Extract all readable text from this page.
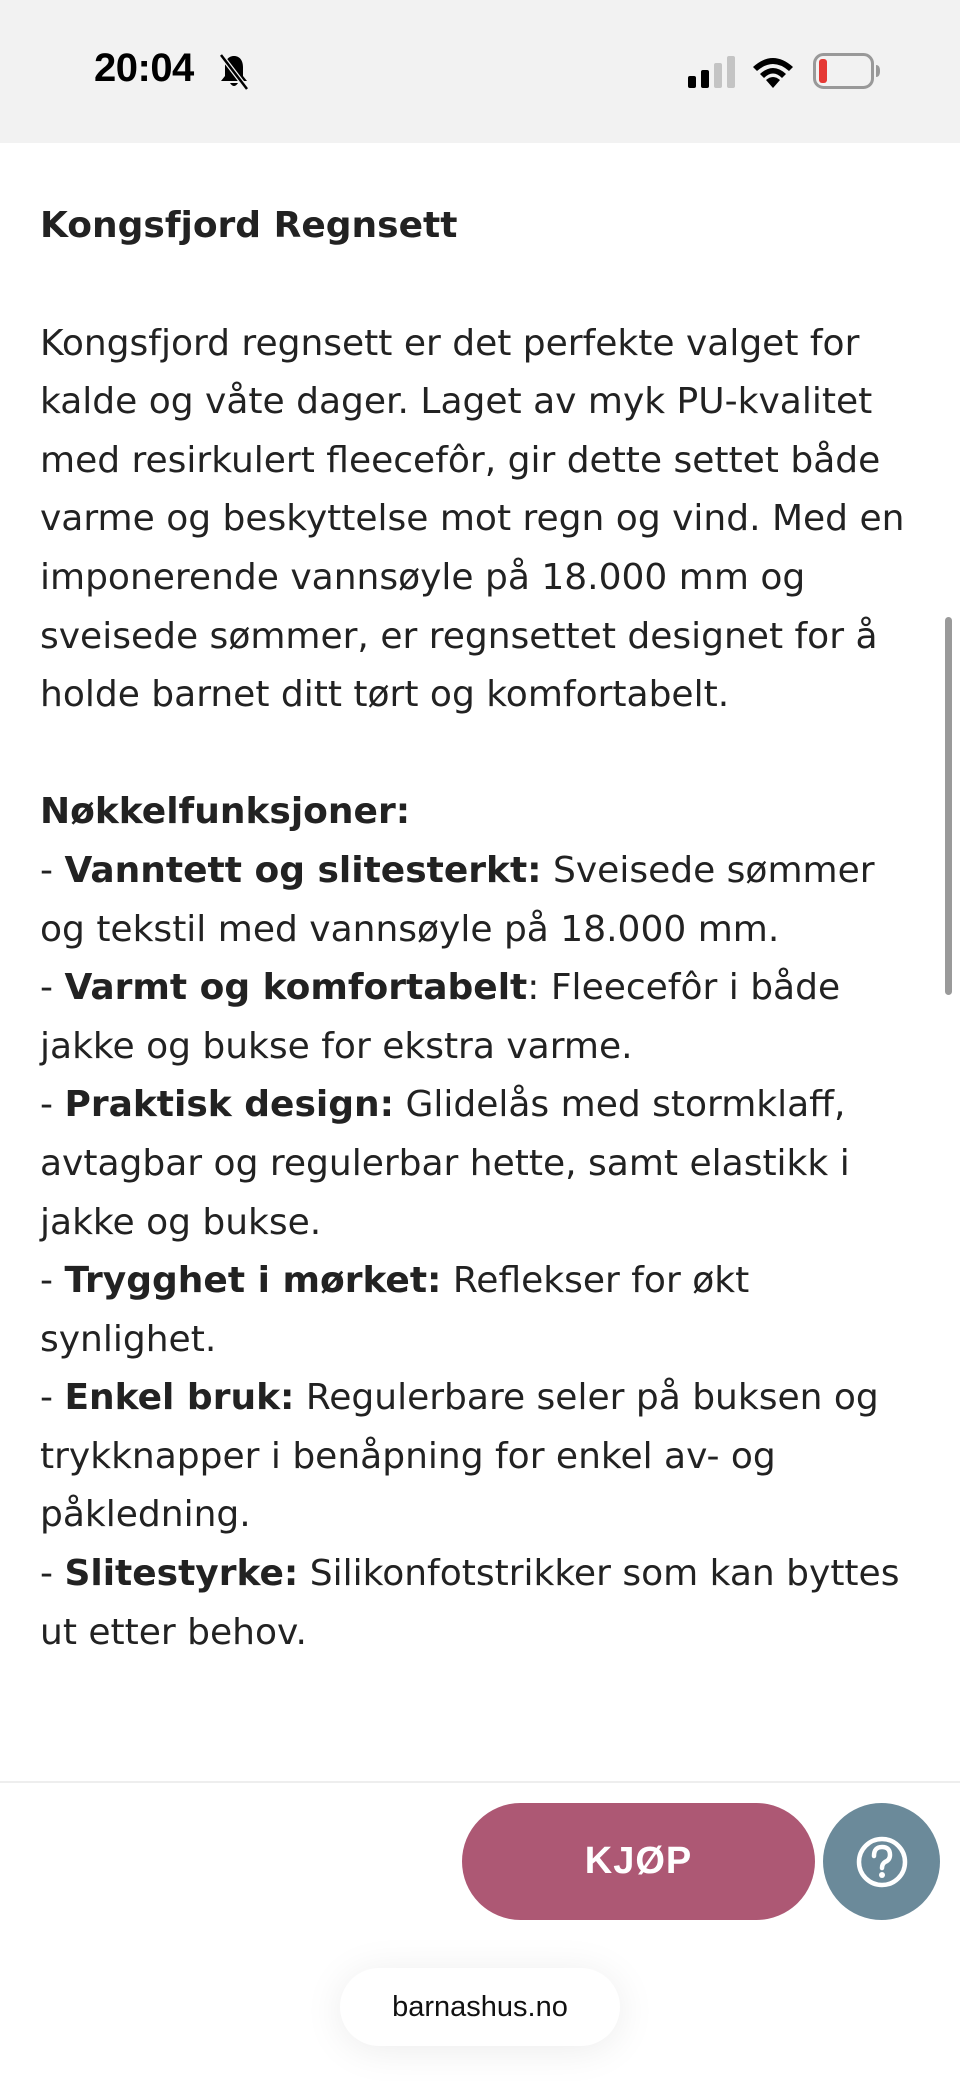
20:04
Kongsfjord Regnsett

Kongsfjord regnsett er det perfekte valget for kalde og våte dager. Laget av myk PU-kvalitet med resirkulert fleecefôr, gir dette settet både varme og beskyttelse mot regn og vind. Med en imponerende vannsøyle på 18.000 mm og sveisede sømmer, er regnsettet designet for å holde barnet ditt tørt og komfortabelt.

Nøkkelfunksjoner:

- Vanntett og slitesterkt: Sveisede sømmer og tekstil med vannsøyle på 18.000 mm.

- Varmt og komfortabelt: Fleecefôr i både jakke og bukse for ekstra varme.

- Praktisk design: Glidelås med stormklaff, avtagbar og regulerbar hette, samt elastikk i jakke og bukse.

- Trygghet i mørket: Reflekser for økt synlighet.

- Enkel bruk: Regulerbare seler på buksen og trykknapper i benåpning for enkel av- og påkledning.

- Slitestyrke: Silikonfotstrikker som kan byttes ut etter behov.

KJØP
barnashus.no
